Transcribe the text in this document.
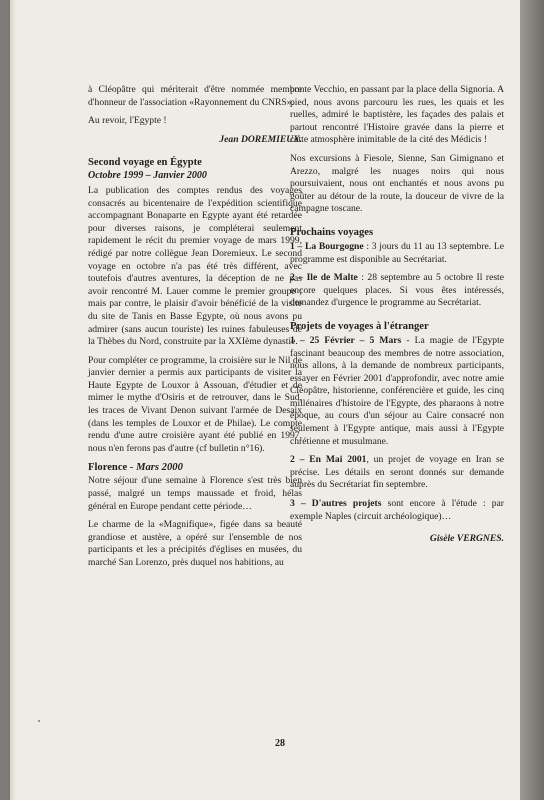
à Cléopâtre qui mériterait d'être nommée membre d'honneur de l'association «Rayonnement du CNRS».

Au revoir, l'Egypte !

Jean DOREMIEUX.
Second voyage en Égypte
Octobre 1999 – Janvier 2000

La publication des comptes rendus des voyages consacrés au bicentenaire de l'expédition scientifique accompagnant Bonaparte en Egypte ayant été retardée pour diverses raisons, je compléterai seulement rapidement le récit du premier voyage de mars 1999, rédigé par notre collègue Jean Doremieux. Le second voyage en octobre n'a pas été très différent, avec toutefois d'autres aventures, la déception de ne pas avoir rencontré M. Lauer comme le premier groupe ; mais par contre, le plaisir d'avoir bénéficié de la visite du site de Tanis en Basse Egypte, où nous avons pu admirer (sans aucun touriste) les ruines fabuleuses de la Thèbes du Nord, construite par la XXIème dynastie.

Pour compléter ce programme, la croisière sur le Nil de janvier dernier a permis aux participants de visiter la Haute Egypte de Louxor à Assouan, d'étudier et de mimer le mythe d'Osiris et de retrouver, dans le Sud, les traces de Vivant Denon suivant l'armée de Desaix (dans les temples de Louxor et de Philae). Le compte rendu d'une autre croisière ayant été publié en 1997, nous n'en ferons pas d'autre (cf bulletin n°16).

Florence - Mars 2000

Notre séjour d'une semaine à Florence s'est très bien passé, malgré un temps maussade et froid, hélas général en Europe pendant cette période…

Le charme de la «Magnifique», figée dans sa beauté grandiose et austère, a opéré sur l'ensemble de nos participants et les a précipités d'églises en musées, du marché San Lorenzo, près duquel nos habitions, au

ponte Vecchio, en passant par la place della Signoria. A pied, nous avons parcouru les rues, les quais et les ruelles, admiré le baptistère, les façades des palais et partout rencontré l'Histoire gravée dans la pierre et cette atmosphère inimitable de la cité des Médicis !

Nos excursions à Fiesole, Sienne, San Gimignano et Arezzo, malgré les nuages noirs qui nous poursuivaient, nous ont enchantés et nous avons pu goûter au détour de la route, la douceur de vivre de la campagne toscane.

Prochains voyages

1 – La Bourgogne : 3 jours du 11 au 13 septembre. Le programme est disponible au Secrétariat.

2 – Ile de Malte : 28 septembre au 5 octobre Il reste encore quelques places. Si vous êtes intéressés, demandez d'urgence le programme au Secrétariat.

Projets de voyages à l'étranger

1 – 25 Février – 5 Mars - La magie de l'Egypte fascinant beaucoup des membres de notre association, nous allons, à la demande de nombreux participants, essayer en Février 2001 d'approfondir, avec notre amie Cléopâtre, historienne, conférencière et guide, les cinq millénaires d'histoire de l'Egypte, des pharaons à notre époque, au cours d'un séjour au Caire consacré non seulement à l'Egypte antique, mais aussi à l'Egypte chrétienne et musulmane.

2 – En Mai 2001, un projet de voyage en Iran se précise. Les détails en seront donnés sur demande auprès du Secrétariat fin septembre.

3 – D'autres projets sont encore à l'étude : par exemple Naples (circuit archéologique)…

Gisèle VERGNES.
28
